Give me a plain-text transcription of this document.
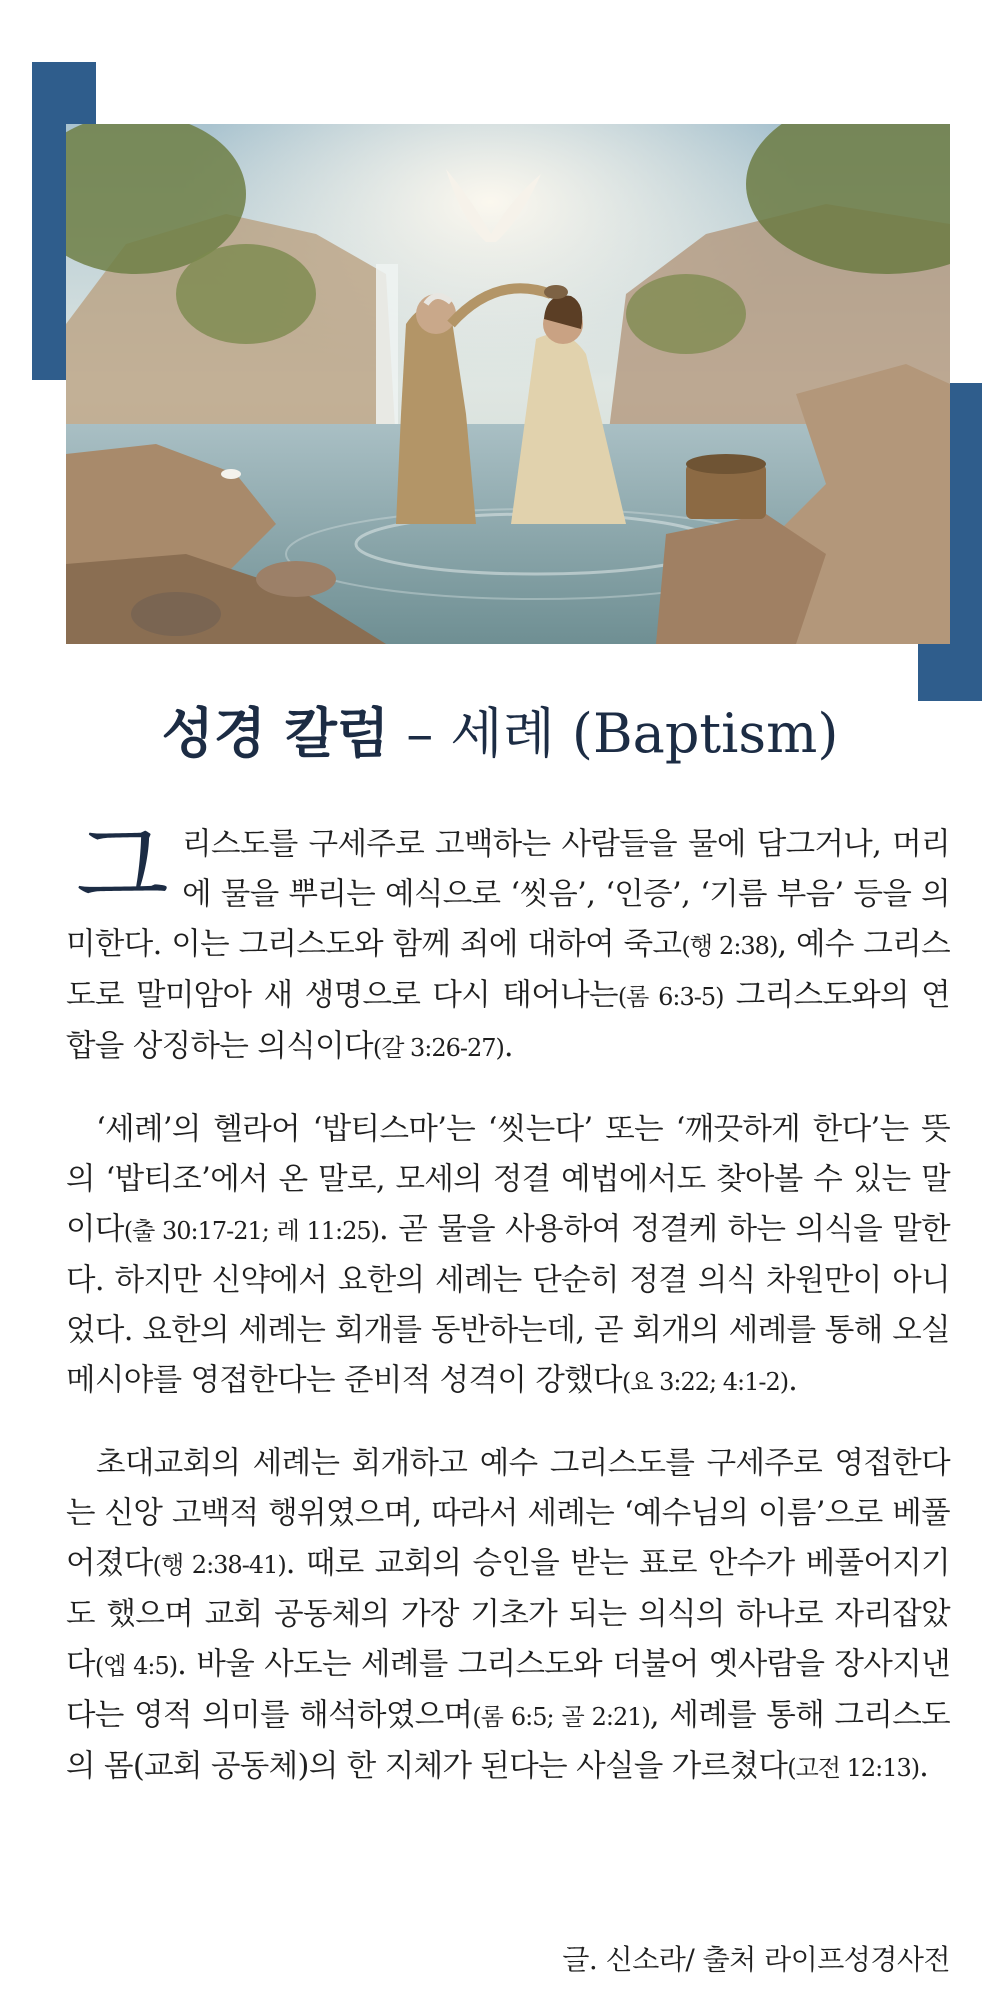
성경 칼럼 – 세례 (Baptism)

그리스도를 구세주로 고백하는 사람들을 물에 담그거나, 머리에 물을 뿌리는 예식으로 ‘씻음’, ‘인증’, ‘기름 부음’ 등을 의미한다. 이는 그리스도와 함께 죄에 대하여 죽고(행 2:38), 예수 그리스도로 말미암아 새 생명으로 다시 태어나는(롬 6:3-5) 그리스도와의 연합을 상징하는 의식이다(갈 3:26-27).

‘세례’의 헬라어 ‘밥티스마’는 ‘씻는다’ 또는 ‘깨끗하게 한다’는 뜻의 ‘밥티조’에서 온 말로, 모세의 정결 예법에서도 찾아볼 수 있는 말이다(출 30:17-21; 레 11:25). 곧 물을 사용하여 정결케 하는 의식을 말한다. 하지만 신약에서 요한의 세례는 단순히 정결 의식 차원만이 아니었다. 요한의 세례는 회개를 동반하는데, 곧 회개의 세례를 통해 오실 메시야를 영접한다는 준비적 성격이 강했다(요 3:22; 4:1-2).

초대교회의 세례는 회개하고 예수 그리스도를 구세주로 영접한다는 신앙 고백적 행위였으며, 따라서 세례는 ‘예수님의 이름’으로 베풀어졌다(행 2:38-41). 때로 교회의 승인을 받는 표로 안수가 베풀어지기도 했으며 교회 공동체의 가장 기초가 되는 의식의 하나로 자리잡았다(엡 4:5). 바울 사도는 세례를 그리스도와 더불어 옛사람을 장사지낸다는 영적 의미를 해석하였으며(롬 6:5; 골 2:21), 세례를 통해 그리스도의 몸(교회 공동체)의 한 지체가 된다는 사실을 가르쳤다(고전 12:13).

글. 신소라/ 출처 라이프성경사전
